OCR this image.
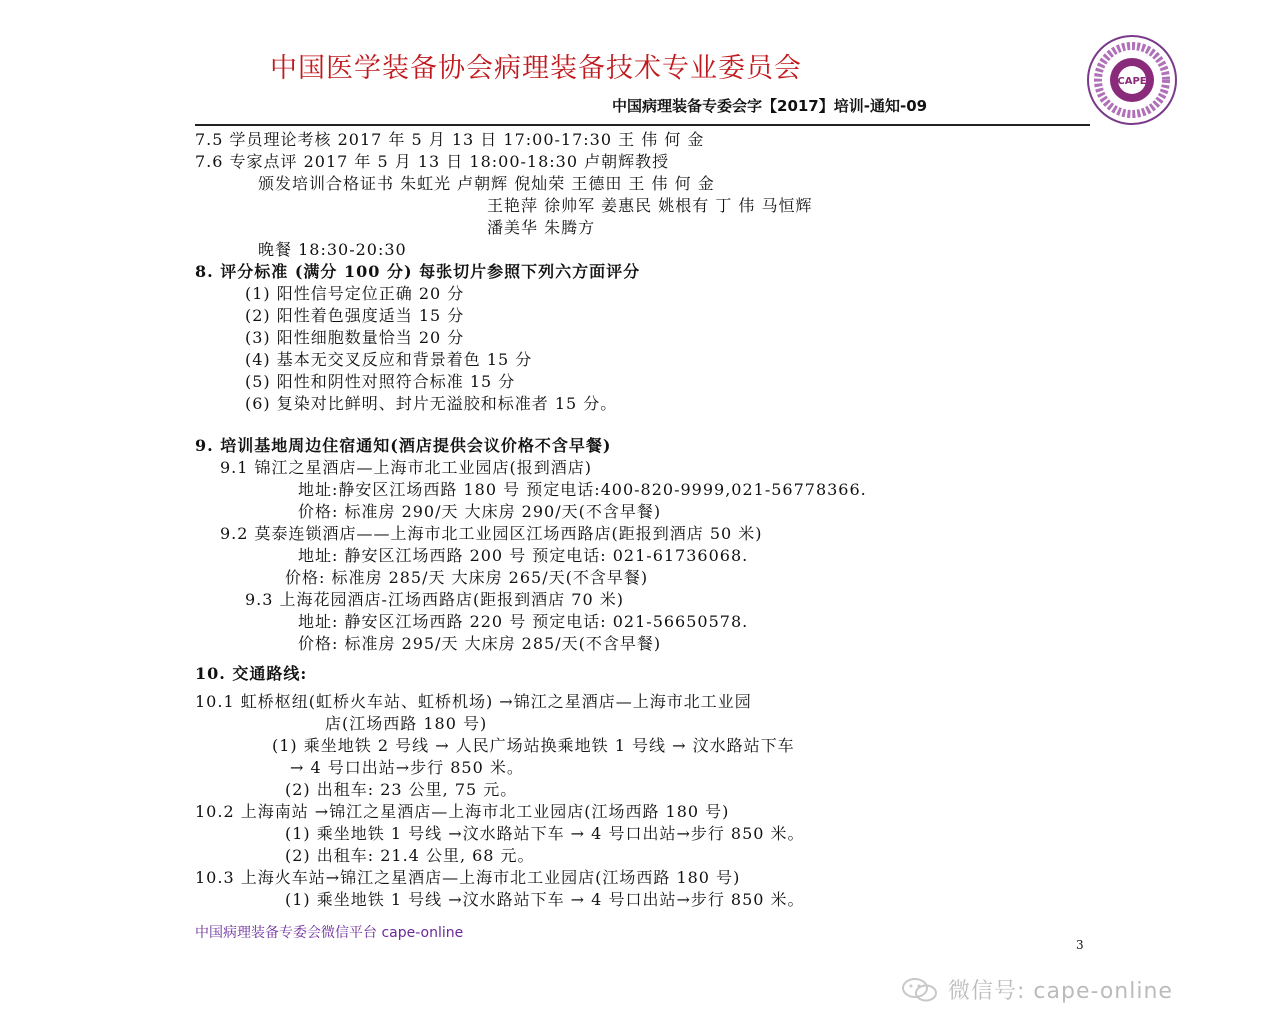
中国医学装备协会病理装备技术专业委员会	CAPE
中国病理装备专委会字【2017】培训-通知-09
7.5 学员理论考核 2017 年 5 月 13 日 17:00-17:30 王 伟 何 金
7.6 专家点评 2017 年 5 月 13 日 18:00-18:30 卢朝辉教授
颁发培训合格证书 朱虹光 卢朝辉 倪灿荣 王德田 王 伟 何 金
王艳萍 徐帅军 姜惠民 姚根有 丁 伟 马恒辉
潘美华 朱腾方
晚餐 18:30-20:30
8. 评分标准 (满分 100 分) 每张切片参照下列六方面评分
(1) 阳性信号定位正确 20 分
(2) 阳性着色强度适当 15 分
(3) 阳性细胞数量恰当 20 分
(4) 基本无交叉反应和背景着色 15 分
(5) 阳性和阴性对照符合标准 15 分
(6) 复染对比鲜明、封片无溢胶和标准者 15 分。
9. 培训基地周边住宿通知(酒店提供会议价格不含早餐)
9.1 锦江之星酒店—上海市北工业园店(报到酒店)
地址:静安区江场西路 180 号 预定电话:400-820-9999,021-56778366.
价格: 标准房 290/天 大床房 290/天(不含早餐)
9.2 莫泰连锁酒店——上海市北工业园区江场西路店(距报到酒店 50 米)
地址: 静安区江场西路 200 号 预定电话: 021-61736068.
价格: 标准房 285/天 大床房 265/天(不含早餐)
9.3 上海花园酒店-江场西路店(距报到酒店 70 米)
地址: 静安区江场西路 220 号 预定电话: 021-56650578.
价格: 标准房 295/天 大床房 285/天(不含早餐)
10. 交通路线:
10.1 虹桥枢纽(虹桥火车站、虹桥机场) →锦江之星酒店—上海市北工业园
店(江场西路 180 号)
(1) 乘坐地铁 2 号线 → 人民广场站换乘地铁 1 号线 → 汶水路站下车
→ 4 号口出站→步行 850 米。
(2) 出租车: 23 公里, 75 元。
10.2 上海南站 →锦江之星酒店—上海市北工业园店(江场西路 180 号)
(1) 乘坐地铁 1 号线 →汶水路站下车 → 4 号口出站→步行 850 米。
(2) 出租车: 21.4 公里, 68 元。
10.3 上海火车站→锦江之星酒店—上海市北工业园店(江场西路 180 号)
(1) 乘坐地铁 1 号线 →汶水路站下车 → 4 号口出站→步行 850 米。
中国病理装备专委会微信平台 cape-online
3
微信号: cape-online
